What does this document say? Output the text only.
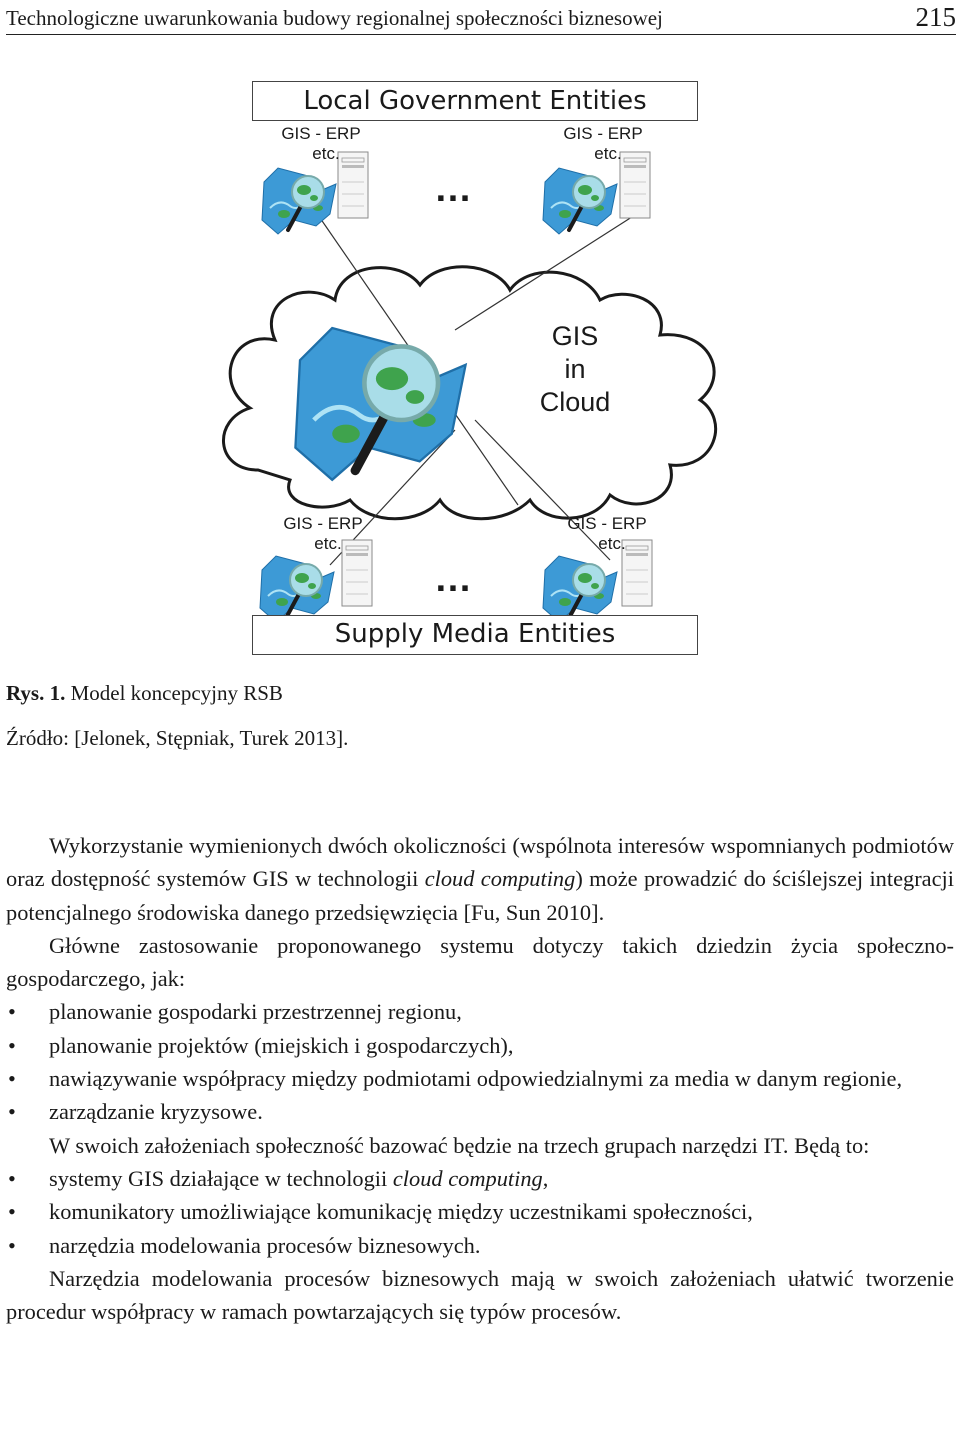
Technologiczne uwarunkowania budowy regionalnej społeczności biznesowej	215
Local Government Entities
Supply Media Entities
GIS - ERP
etc.
GIS - ERP
etc.
GIS - ERP
etc.
GIS - ERP
etc.
…
…
GIS
in
Cloud
Rys. 1. Model koncepcyjny RSB
Źródło: [Jelonek, Stępniak, Turek 2013].

Wykorzystanie wymienionych dwóch okoliczności (wspólnota interesów wspomnianych podmiotów oraz dostępność systemów GIS w technologii cloud computing) może prowadzić do ściślejszej integracji potencjalnego środowiska danego przedsięwzięcia [Fu, Sun 2010].

Główne zastosowanie proponowanego systemu dotyczy takich dziedzin życia społeczno-gospodarczego, jak:

• planowanie gospodarki przestrzennej regionu,

• planowanie projektów (miejskich i gospodarczych),

• nawiązywanie współpracy między podmiotami odpowiedzialnymi za media w danym regionie,

• zarządzanie kryzysowe.

W swoich założeniach społeczność bazować będzie na trzech grupach narzędzi IT. Będą to:

• systemy GIS działające w technologii cloud computing,

• komunikatory umożliwiające komunikację między uczestnikami społeczności,

• narzędzia modelowania procesów biznesowych.

Narzędzia modelowania procesów biznesowych mają w swoich założeniach ułatwić tworzenie procedur współpracy w ramach powtarzających się typów procesów.
